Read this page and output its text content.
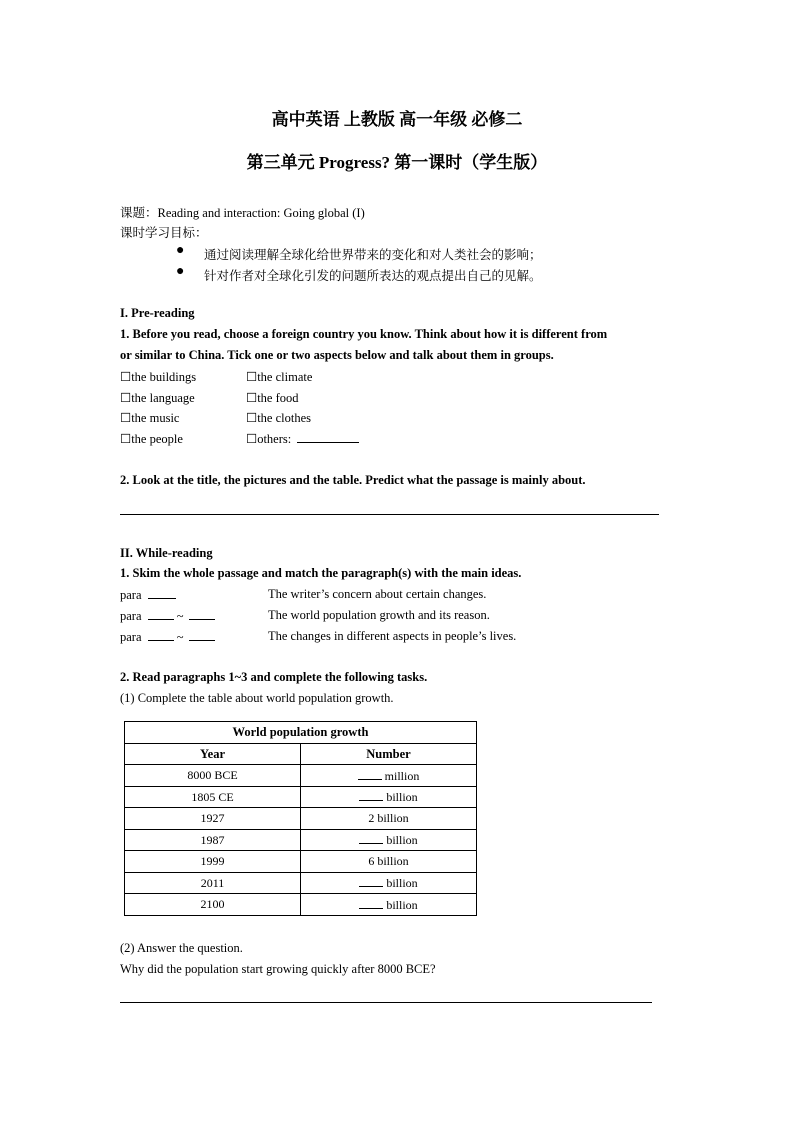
高中英语 上教版 高一年级 必修二
第三单元 Progress? 第一课时（学生版）
课题：Reading and interaction: Going global (I)
课时学习目标：
● 通过阅读理解全球化给世界带来的变化和对人类社会的影响；
● 针对作者对全球化引发的问题所表达的观点提出自己的见解。
I. Pre-reading
1. Before you read, choose a foreign country you know. Think about how it is different from
or similar to China. Tick one or two aspects below and talk about them in groups.
☐the buildings	☐the climate
☐the language	☐the food
☐the music	☐the clothes
☐the people	☐others:
2. Look at the title, the pictures and the table. Predict what the passage is mainly about.
II. While-reading
1. Skim the whole passage and match the paragraph(s) with the main ideas.
para	The writer’s concern about certain changes.
para	~	The world population growth and its reason.
para	~	The changes in different aspects in people’s lives.
2. Read paragraphs 1~3 and complete the following tasks.
(1) Complete the table about world population growth.
World population growth	
Year	Number
8000 BCE	million
1805 CE	billion
1927	2 billion
1987	billion
1999	6 billion
2011	billion
2100	billion
(2) Answer the question.
Why did the population start growing quickly after 8000 BCE?
